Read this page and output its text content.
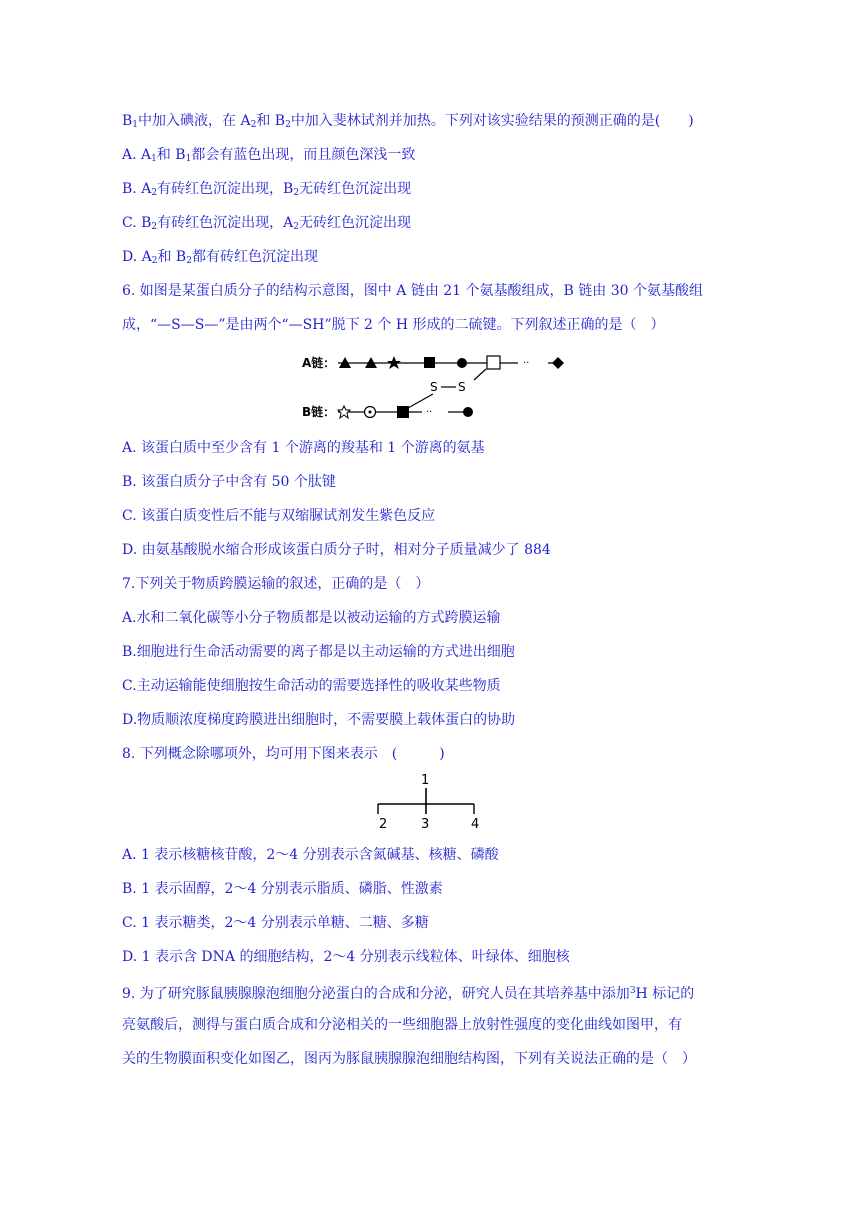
$B_1$中加入碘液，在 $A_2$和 $B_2$中加入斐林试剂并加热。下列对该实验结果的预测正确的是(　　)
A. $A_1$和 $B_1$都会有蓝色出现，而且颜色深浅一致
B. $A_2$有砖红色沉淀出现，$B_2$无砖红色沉淀出现
C. $B_2$有砖红色沉淀出现，$A_2$无砖红色沉淀出现
D. $A_2$和 $B_2$都有砖红色沉淀出现
6. 如图是某蛋白质分子的结构示意图，图中 A 链由 21 个氨基酸组成，B 链由 30 个氨基酸组
成，“—S—S—”是由两个“—SH”脱下 2 个 H 形成的二硫键。下列叙述正确的是（　）
A链：	··
S S
B链：	··
A. 该蛋白质中至少含有 1 个游离的羧基和 1 个游离的氨基
B. 该蛋白质分子中含有 50 个肽键
C. 该蛋白质变性后不能与双缩脲试剂发生紫色反应
D. 由氨基酸脱水缩合形成该蛋白质分子时，相对分子质量减少了 884
7.下列关于物质跨膜运输的叙述，正确的是（　）
A.水和二氧化碳等小分子物质都是以被动运输的方式跨膜运输
B.细胞进行生命活动需要的离子都是以主动运输的方式进出细胞
C.主动运输能使细胞按生命活动的需要选择性的吸收某些物质
D.物质顺浓度梯度跨膜进出细胞时，不需要膜上载体蛋白的协助
8. 下列概念除哪项外，均可用下图来表示　(　　　)
1
2	3	4
A. 1 表示核糖核苷酸，2～4 分别表示含氮碱基、核糖、磷酸
B. 1 表示固醇，2～4 分别表示脂质、磷脂、性激素
C. 1 表示糖类，2～4 分别表示单糖、二糖、多糖
D. 1 表示含 DNA 的细胞结构，2～4 分别表示线粒体、叶绿体、细胞核
9. 为了研究豚鼠胰腺腺泡细胞分泌蛋白的合成和分泌，研究人员在其培养基中添加$^3$H 标记的
亮氨酸后，测得与蛋白质合成和分泌相关的一些细胞器上放射性强度的变化曲线如图甲，有
关的生物膜面积变化如图乙，图丙为豚鼠胰腺腺泡细胞结构图，下列有关说法正确的是（　）
